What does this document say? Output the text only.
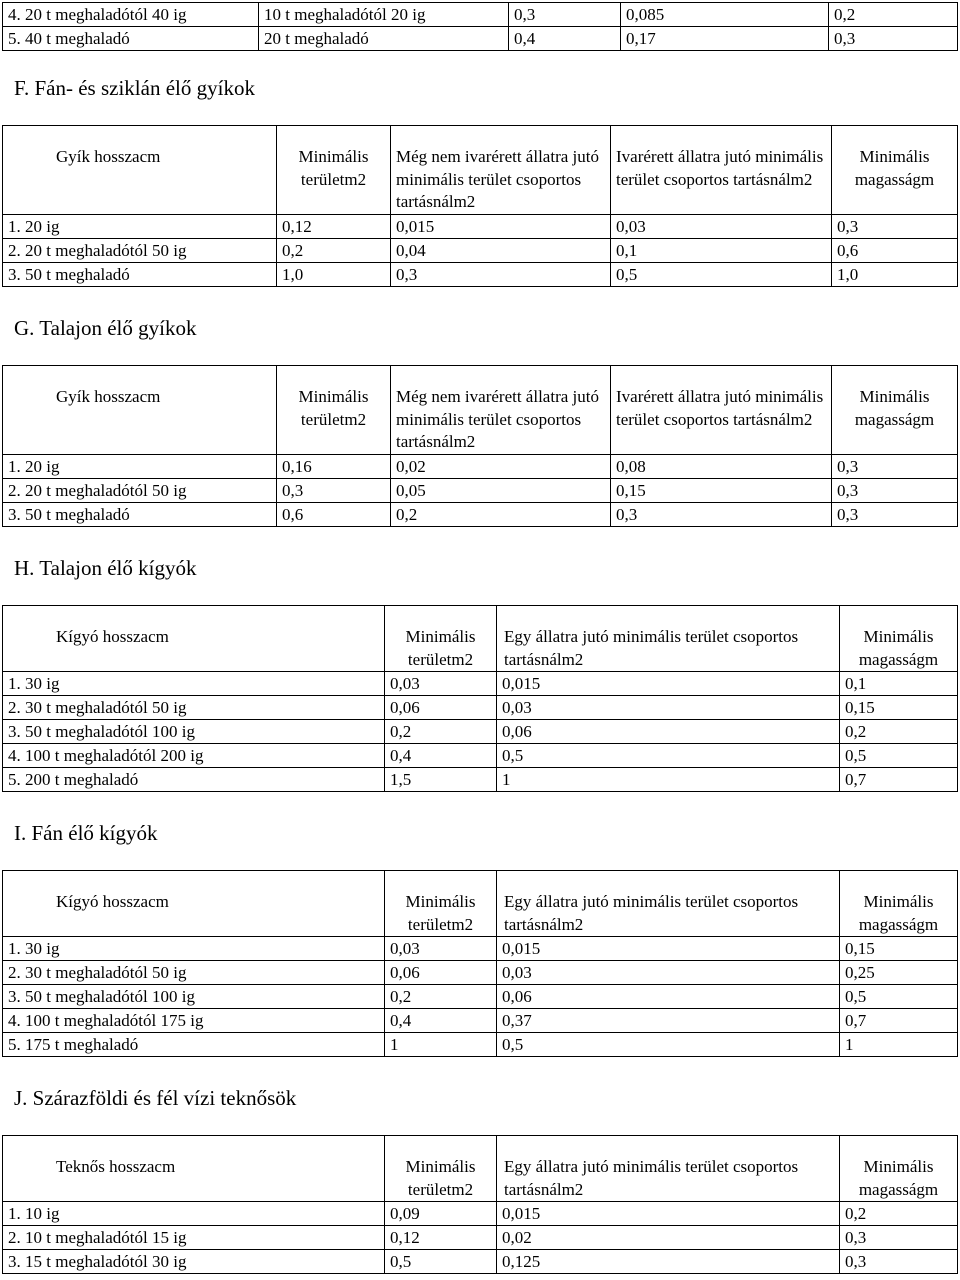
4. 20 t meghaladótól 40 ig	10 t meghaladótól 20 ig	0,3	0,085	0,2
5. 40 t meghaladó	20 t meghaladó	0,4	0,17	0,3
F. Fán- és sziklán élő gyíkok
Gyík hosszacm	Minimális területm2	Még nem ivarérett állatra jutó minimális terület csoportos tartásnálm2	Ivarérett állatra jutó minimális terület csoportos tartásnálm2	Minimális magasságm

1. 20 ig	0,12	0,015	0,03	0,3
2. 20 t meghaladótól 50 ig	0,2	0,04	0,1	0,6
3. 50 t meghaladó	1,0	0,3	0,5	1,0
G. Talajon élő gyíkok
Gyík hosszacm	Minimális területm2	Még nem ivarérett állatra jutó minimális terület csoportos tartásnálm2	Ivarérett állatra jutó minimális terület csoportos tartásnálm2	Minimális magasságm

1. 20 ig	0,16	0,02	0,08	0,3
2. 20 t meghaladótól 50 ig	0,3	0,05	0,15	0,3
3. 50 t meghaladó	0,6	0,2	0,3	0,3
H. Talajon élő kígyók
Kígyó hosszacm	Minimális területm2	Egy állatra jutó minimális terület csoportos tartásnálm2	Minimális magasságm

1. 30 ig	0,03	0,015	0,1
2. 30 t meghaladótól 50 ig	0,06	0,03	0,15
3. 50 t meghaladótól 100 ig	0,2	0,06	0,2
4. 100 t meghaladótól 200 ig	0,4	0,5	0,5
5. 200 t meghaladó	1,5	1	0,7
I. Fán élő kígyók
Kígyó hosszacm	Minimális területm2	Egy állatra jutó minimális terület csoportos tartásnálm2	Minimális magasságm

1. 30 ig	0,03	0,015	0,15
2. 30 t meghaladótól 50 ig	0,06	0,03	0,25
3. 50 t meghaladótól 100 ig	0,2	0,06	0,5
4. 100 t meghaladótól 175 ig	0,4	0,37	0,7
5. 175 t meghaladó	1	0,5	1
J. Szárazföldi és fél vízi teknősök
Teknős hosszacm	Minimális területm2	Egy állatra jutó minimális terület csoportos tartásnálm2	Minimális magasságm

1. 10 ig	0,09	0,015	0,2
2. 10 t meghaladótól 15 ig	0,12	0,02	0,3
3. 15 t meghaladótól 30 ig	0,5	0,125	0,3
